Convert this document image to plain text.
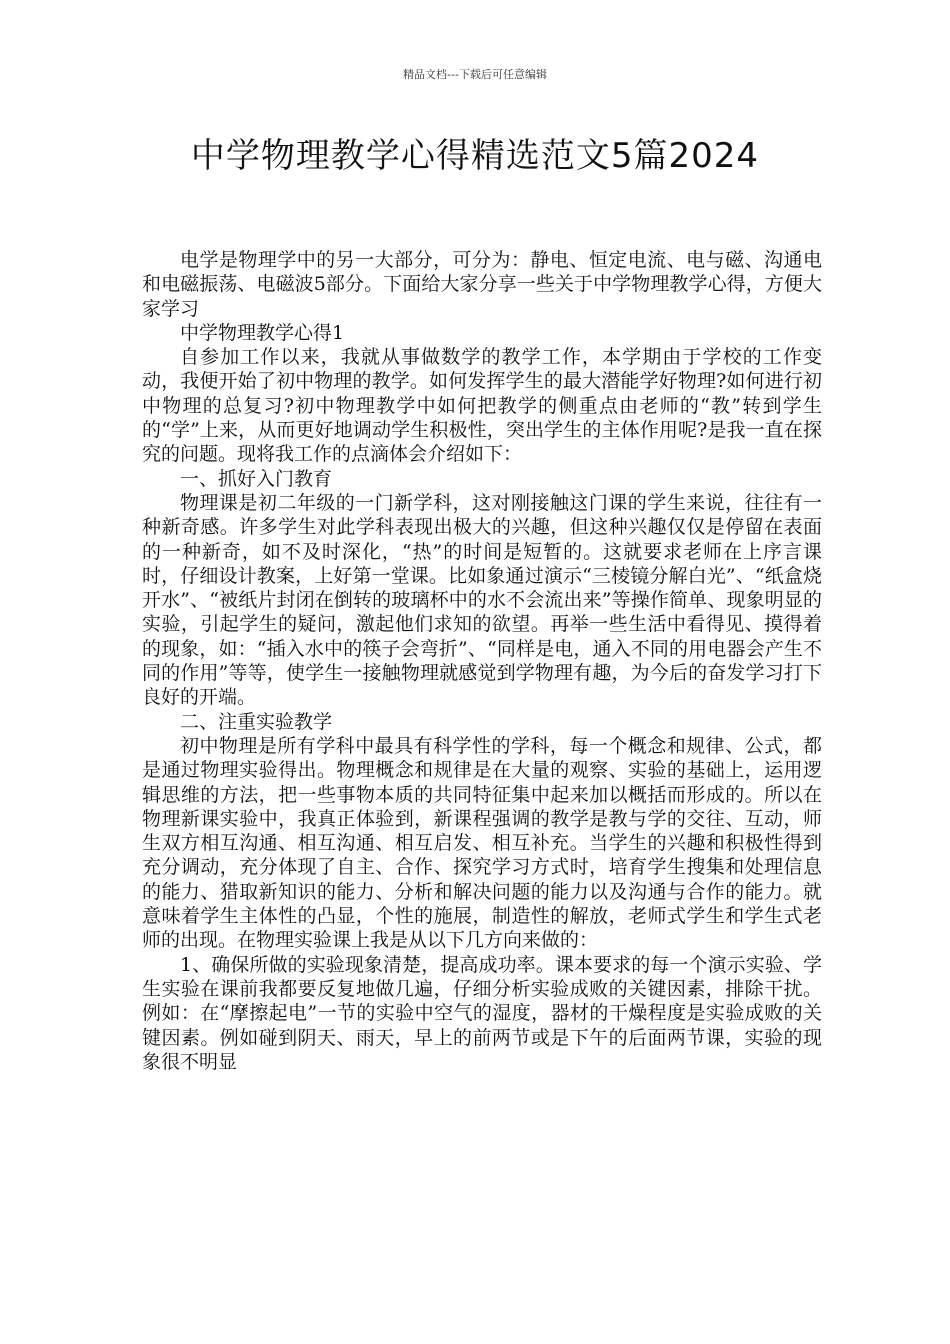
精品文档---下载后可任意编辑
中学物理教学心得精选范文5篇2024

电学是物理学中的另一大部分，可分为：静电、恒定电流、电与磁、沟通电和电磁振荡、电磁波5部分。下面给大家分享一些关于中学物理教学心得，方便大家学习

中学物理教学心得1

自参加工作以来，我就从事做数学的教学工作，本学期由于学校的工作变动，我便开始了初中物理的教学。如何发挥学生的最大潜能学好物理?如何进行初中物理的总复习?初中物理教学中如何把教学的侧重点由老师的“教”转到学生的“学”上来，从而更好地调动学生积极性，突出学生的主体作用呢?是我一直在探究的问题。现将我工作的点滴体会介绍如下：

一、抓好入门教育

物理课是初二年级的一门新学科，这对刚接触这门课的学生来说，往往有一种新奇感。许多学生对此学科表现出极大的兴趣，但这种兴趣仅仅是停留在表面的一种新奇，如不及时深化，“热”的时间是短暂的。这就要求老师在上序言课时，仔细设计教案，上好第一堂课。比如象通过演示“三棱镜分解白光”、“纸盒烧开水”、“被纸片封闭在倒转的玻璃杯中的水不会流出来”等操作简单、现象明显的实验，引起学生的疑问，激起他们求知的欲望。再举一些生活中看得见、摸得着的现象，如：“插入水中的筷子会弯折”、“同样是电，通入不同的用电器会产生不同的作用”等等，使学生一接触物理就感觉到学物理有趣，为今后的奋发学习打下良好的开端。

二、注重实验教学

初中物理是所有学科中最具有科学性的学科，每一个概念和规律、公式，都是通过物理实验得出。物理概念和规律是在大量的观察、实验的基础上，运用逻辑思维的方法，把一些事物本质的共同特征集中起来加以概括而形成的。所以在物理新课实验中，我真正体验到，新课程强调的教学是教与学的交往、互动，师生双方相互沟通、相互沟通、相互启发、相互补充。当学生的兴趣和积极性得到充分调动，充分体现了自主、合作、探究学习方式时，培育学生搜集和处理信息的能力、猎取新知识的能力、分析和解决问题的能力以及沟通与合作的能力。就意味着学生主体性的凸显，个性的施展，制造性的解放，老师式学生和学生式老师的出现。在物理实验课上我是从以下几方向来做的：

1、确保所做的实验现象清楚，提高成功率。课本要求的每一个演示实验、学生实验在课前我都要反复地做几遍，仔细分析实验成败的关键因素，排除干扰。例如：在“摩擦起电”一节的实验中空气的湿度，器材的干燥程度是实验成败的关键因素。例如碰到阴天、雨天，早上的前两节或是下午的后面两节课，实验的现象很不明显
